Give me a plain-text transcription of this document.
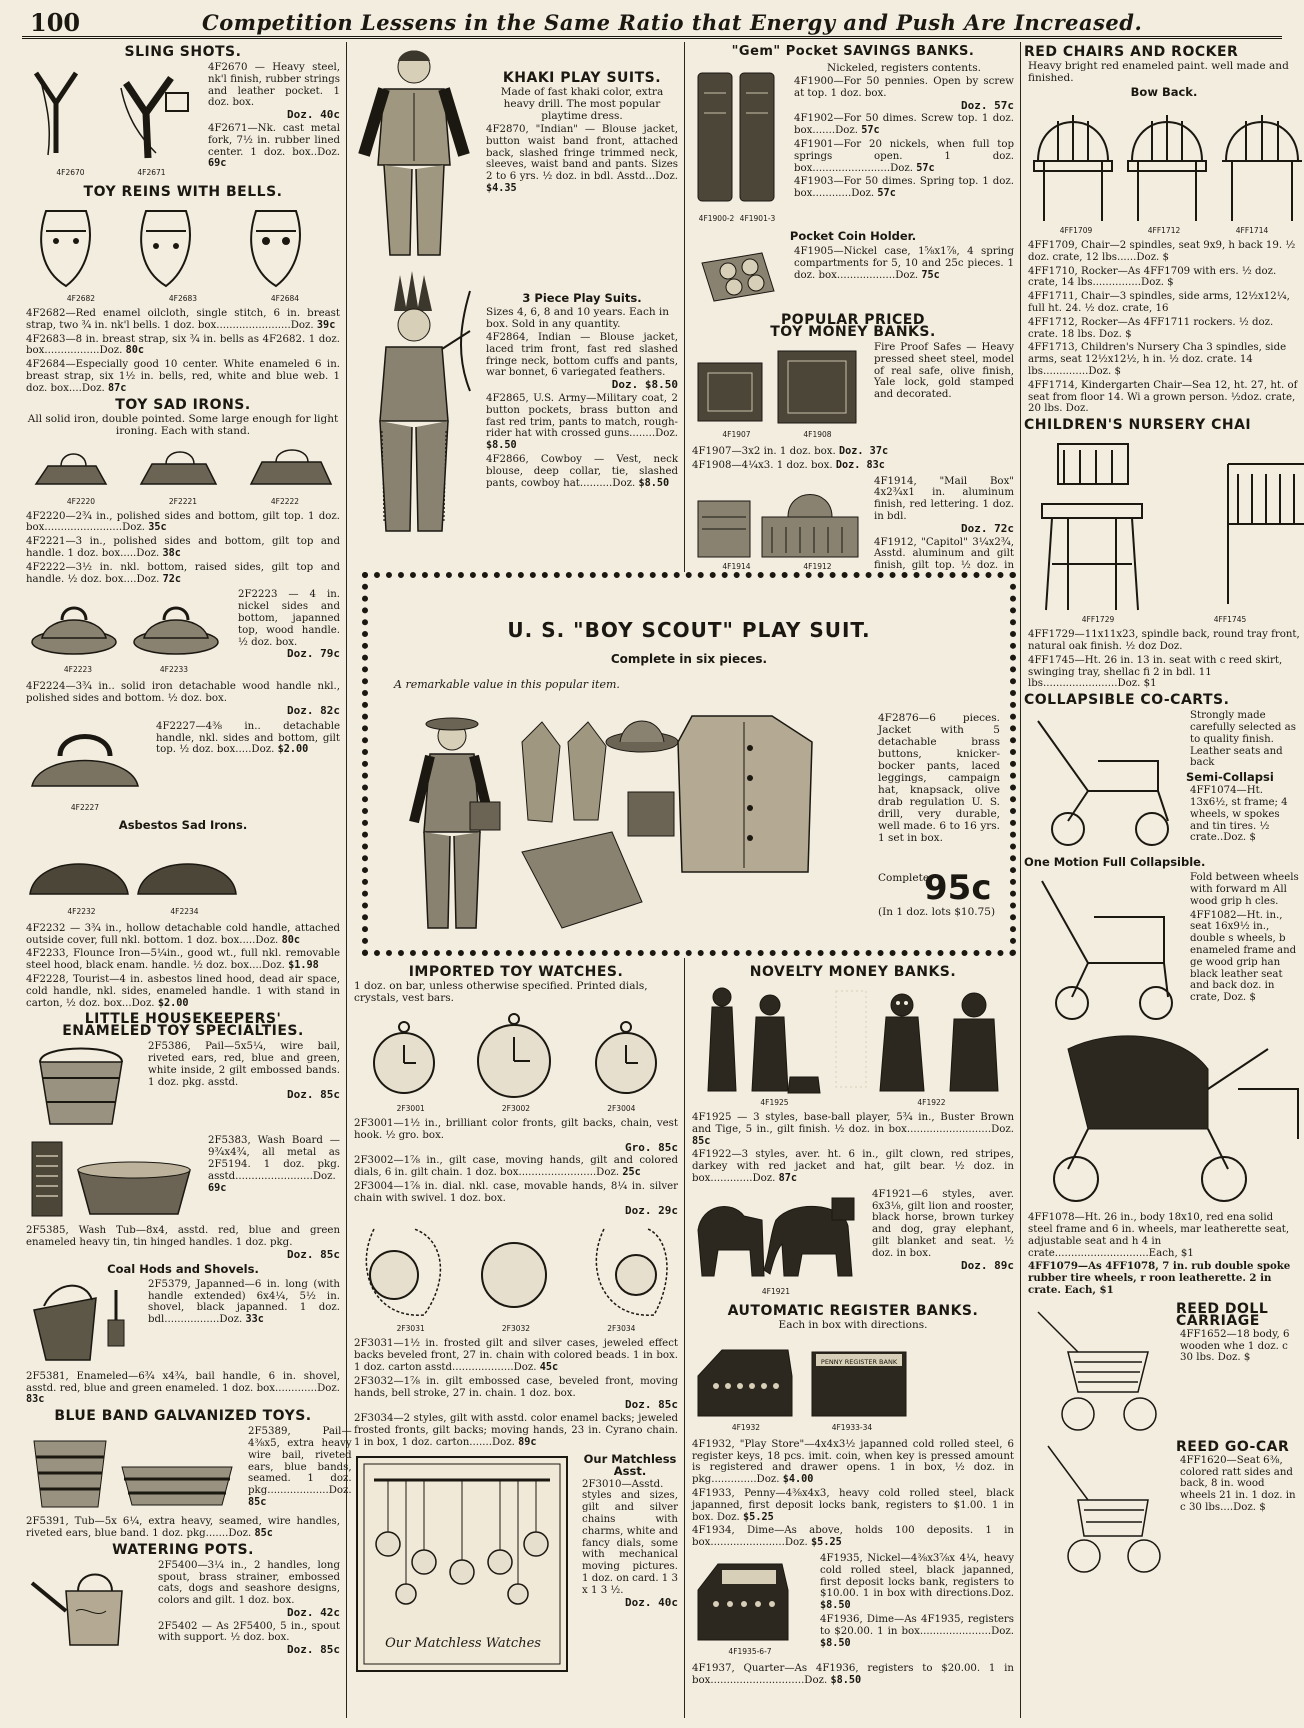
100	Competition Lessens in the Same Ratio that Energy and Push Are Increased.
SLING SHOTS.
4F2670	4F2671

4F2670 — Heavy steel, nk'l finish, rubber strings and leather pocket. 1 doz. box.
Doz. 40c

4F2671—Nk. cast metal fork, 7½ in. rubber lined center. 1 doz. box..Doz. 69c

TOY REINS WITH BELLS.
4F2682	4F2683	4F2684

4F2682—Red enamel oilcloth, single stitch, 6 in. breast strap, two ¾ in. nk'l bells. 1 doz. box.......................Doz. 39c

4F2683—8 in. breast strap, six ¾ in. bells as 4F2682. 1 doz. box.................Doz. 80c

4F2684—Especially good 10 center. White enameled 6 in. breast strap, six 1½ in. bells, red, white and blue web. 1 doz. box....Doz. 87c

TOY SAD IRONS.

All solid iron, double pointed. Some large enough for light ironing. Each with stand.

4F2220	2F2221	4F2222

4F2220—2¾ in., polished sides and bottom, gilt top. 1 doz. box........................Doz. 35c

4F2221—3 in., polished sides and bottom, gilt top and handle. 1 doz. box.....Doz. 38c

4F2222—3½ in. nkl. bottom, raised sides, gilt top and handle. ½ doz. box....Doz. 72c

4F2223	4F2233

2F2223 — 4 in. nickel sides and bottom, japanned top, wood handle. ½ doz. box.
Doz. 79c

4F2224—3¾ in.. solid iron detachable wood handle nkl., polished sides and bottom. ½ doz. box.
Doz. 82c

4F2227

4F2227—4⅜ in.. detachable handle, nkl. sides and bottom, gilt top. ½ doz. box.....Doz. $2.00

Asbestos Sad Irons.
4F2232	4F2234

4F2232 — 3¾ in., hollow detachable cold handle, attached outside cover, full nkl. bottom. 1 doz. box.....Doz. 80c

4F2233, Flounce Iron—5¼in., good wt., full nkl. removable steel hood, black enam. handle. ½ doz. box....Doz. $1.98

4F2228, Tourist—4 in. asbestos lined hood, dead air space, cold handle, nkl. sides, enameled handle. 1 with stand in carton, ½ doz. box...Doz. $2.00

LITTLE HOUSEKEEPERS'
ENAMELED TOY SPECIALTIES.

2F5386, Pail—5x5¼, wire bail, riveted ears, red, blue and green, white inside, 2 gilt embossed bands. 1 doz. pkg. asstd.
Doz. 85c

2F5383, Wash Board — 9¾x4¾, all metal as 2F5194. 1 doz. pkg. asstd........................Doz. 69c

2F5385, Wash Tub—8x4, asstd. red, blue and green enameled heavy tin, tin hinged handles. 1 doz. pkg.
Doz. 85c

Coal Hods and Shovels.

2F5379, Japanned—6 in. long (with handle extended) 6x4¼, 5½ in. shovel, black japanned. 1 doz. bdl.................Doz. 33c

2F5381, Enameled—6¾ x4¾, bail handle, 6 in. shovel, asstd. red, blue and green enameled. 1 doz. box.............Doz. 83c

BLUE BAND GALVANIZED TOYS.

2F5389, Pail—4⅜x5, extra heavy wire bail, riveted ears, blue bands, seamed. 1 doz. pkg...................Doz. 85c

2F5391, Tub—5x 6¼, extra heavy, seamed, wire handles, riveted ears, blue band. 1 doz. pkg.......Doz. 85c

WATERING POTS.

2F5400—3¼ in., 2 handles, long spout, brass strainer, embossed cats, dogs and seashore designs, colors and gilt. 1 doz. box.
Doz. 42c

2F5402 — As 2F5400, 5 in., spout with support. ½ doz. box.
Doz. 85c

KHAKI PLAY SUITS.

Made of fast khaki color, extra heavy drill. The most popular playtime dress.

4F2870, "Indian" — Blouse jacket, button waist band front, attached back, slashed fringe trimmed neck, sleeves, waist band and pants. Sizes 2 to 6 yrs. ½ doz. in bdl. Asstd...Doz. $4.35

3 Piece Play Suits.

Sizes 4, 6, 8 and 10 years. Each in box. Sold in any quantity.

4F2864, Indian — Blouse jacket, laced trim front, fast red slashed fringe neck, bottom cuffs and pants, war bonnet, 6 variegated feathers.
Doz. $8.50

4F2865, U.S. Army—Military coat, 2 button pockets, brass button and fast red trim, pants to match, rough-rider hat with crossed guns........Doz. $8.50

4F2866, Cowboy — Vest, neck blouse, deep collar, tie, slashed pants, cowboy hat..........Doz. $8.50

"Gem" Pocket SAVINGS BANKS.
4F1900-2 4F1901-3

Nickeled, registers contents.

4F1900—For 50 pennies. Open by screw at top. 1 doz. box.
Doz. 57c

4F1902—For 50 dimes. Screw top. 1 doz. box.......Doz. 57c

4F1901—For 20 nickels, when full top springs open. 1 doz. box........................Doz. 57c

4F1903—For 50 dimes. Spring top. 1 doz. box............Doz. 57c

Pocket Coin Holder.

4F1905—Nickel case, 1⅝x1⅞, 4 spring compartments for 5, 10 and 25c pieces. 1 doz. box..................Doz. 75c

POPULAR PRICED
TOY MONEY BANKS.
4F1907	4F1908

Fire Proof Safes — Heavy pressed sheet steel, model of real safe, olive finish, Yale lock, gold stamped and decorated.

4F1907—3x2 in. 1 doz. box. Doz. 37c

4F1908—4¼x3. 1 doz. box. Doz. 83c

4F1914	4F1912

4F1914, "Mail Box" 4x2¾x1 in. aluminum finish, red lettering. 1 doz. in bdl.
Doz. 72c

4F1912, "Capitol" 3¼x2¾, Asstd. aluminum and gilt finish, gilt top. ½ doz. in

U. S. "BOY SCOUT" PLAY SUIT.
Complete in six pieces.
A remarkable value in this popular item.
4F2876—6 pieces. Jacket with 5 detachable brass buttons, knicker-bocker pants, laced leggings, campaign hat, knapsack, olive drab regulation U. S. drill, very durable, well made. 6 to 16 yrs. 1 set in box.
Complete.
95c
(In 1 doz. lots $10.75)
IMPORTED TOY WATCHES.

1 doz. on bar, unless otherwise specified. Printed dials, crystals, vest bars.

2F3001	2F3002	2F3004

2F3001—1½ in., brilliant color fronts, gilt backs, chain, vest hook. ½ gro. box.
Gro. 85c

2F3002—1⅞ in., gilt case, moving hands, gilt and colored dials, 6 in. gilt chain. 1 doz. box........................Doz. 25c

2F3004—1⅞ in. dial. nkl. case, movable hands, 8¼ in. silver chain with swivel. 1 doz. box.
Doz. 29c

2F3031	2F3032	2F3034

2F3031—1½ in. frosted gilt and silver cases, jeweled effect backs beveled front, 27 in. chain with colored beads. 1 in box. 1 doz. carton asstd...................Doz. 45c

2F3032—1⅞ in. gilt embossed case, beveled front, moving hands, bell stroke, 27 in. chain. 1 doz. box.
Doz. 85c

2F3034—2 styles, gilt with asstd. color enamel backs; jeweled frosted fronts, gilt backs; moving hands, 23 in. Cyrano chain. 1 in box, 1 doz. carton.......Doz. 89c

Our Matchless Watches
Our Matchless Asst.

2F3010—Asstd. styles and sizes, gilt and silver chains with charms, white and fancy dials, some with mechanical moving pictures. 1 doz. on card. 1 3 x 1 3 ½.
Doz. 40c

NOVELTY MONEY BANKS.
4F1925	4F1922

4F1925 — 3 styles, base-ball player, 5¾ in., Buster Brown and Tige, 5 in., gilt finish. ½ doz. in box..........................Doz. 85c

4F1922—3 styles, aver. ht. 6 in., gilt clown, red stripes, darkey with red jacket and hat, gilt bear. ½ doz. in box.............Doz. 87c

4F1921

4F1921—6 styles, aver. 6x3⅛, gilt lion and rooster, black horse, brown turkey and dog, gray elephant, gilt blanket and seat. ½ doz. in box.
Doz. 89c

AUTOMATIC REGISTER BANKS.

Each in box with directions.

PENNY REGISTER BANK
4F1932	4F1933-34

4F1932, "Play Store"—4x4x3½ japanned cold rolled steel, 6 register keys, 18 pcs. imit. coin, when key is pressed amount is registered and drawer opens. 1 in box, ½ doz. in pkg..............Doz. $4.00

4F1933, Penny—4⅜x4x3, heavy cold rolled steel, black japanned, first deposit locks bank, registers to $1.00. 1 in box. Doz. $5.25

4F1934, Dime—As above, holds 100 deposits. 1 in box.......................Doz. $5.25

4F1935-6-7

4F1935, Nickel—4⅜x3⅞x 4¼, heavy cold rolled steel, black japanned, first deposit locks bank, registers to $10.00. 1 in box with directions.Doz. $8.50

4F1936, Dime—As 4F1935, registers to $20.00. 1 in box......................Doz. $8.50

4F1937, Quarter—As 4F1936, registers to $20.00. 1 in box.............................Doz. $8.50

RED CHAIRS AND ROCKER

Heavy bright red enameled paint. well made and finished.

Bow Back.
4FF1709	4FF1712	4FF1714

4FF1709, Chair—2 spindles, seat 9x9, h back 19. ½ doz. crate, 12 lbs......Doz. $

4FF1710, Rocker—As 4FF1709 with ers. ½ doz. crate, 14 lbs...............Doz. $

4FF1711, Chair—3 spindles, side arms, 12½x12¼, full ht. 24. ½ doz. crate, 16

4FF1712, Rocker—As 4FF1711 rockers. ½ doz. crate. 18 lbs. Doz. $

4FF1713, Children's Nursery Cha 3 spindles, side arms, seat 12½x12½, h in. ½ doz. crate. 14 lbs..............Doz. $

4FF1714, Kindergarten Chair—Sea 12, ht. 27, ht. of seat from floor 14. Wi a grown person. ½doz. crate, 20 lbs. Doz.

CHILDREN'S NURSERY CHAI
4FF1729	4FF1745

4FF1729—11x11x23, spindle back, round tray front, natural oak finish. ½ doz Doz.

4FF1745—Ht. 26 in. 13 in. seat with c reed skirt, swinging tray, shellac fi 2 in bdl. 11 lbs.......................Doz. $1

COLLAPSIBLE CO-CARTS.

Strongly made carefully selected as to quality finish. Leather seats and back

Semi-Collapsi

4FF1074—Ht. 13x6½, st frame; 4 wheels, w spokes and tin tires. ½ crate..Doz. $

One Motion Full Collapsible.

Fold between wheels with forward m All wood grip h cles.

4FF1082—Ht. in., seat 16x9½ in., double s wheels, b enameled frame and ge wood grip han black leather seat and back doz. in crate, Doz. $

4FF1078—Ht. 26 in., body 18x10, red ena solid steel frame and 6 in. wheels, mar leatherette seat, adjustable seat and h 4 in crate.............................Each, $1

4FF1079—As 4FF1078, 7 in. rub double spoke rubber tire wheels, r roon leatherette. 2 in crate. Each, $1

REED DOLL CARRIAGE

4FF1652—18 body, 6 wooden whe 1 doz. c 30 lbs. Doz. $

REED GO-CAR

4FF1620—Seat 6⅜, colored ratt sides and back, 8 in. wood wheels 21 in. 1 doz. in c 30 lbs....Doz. $
